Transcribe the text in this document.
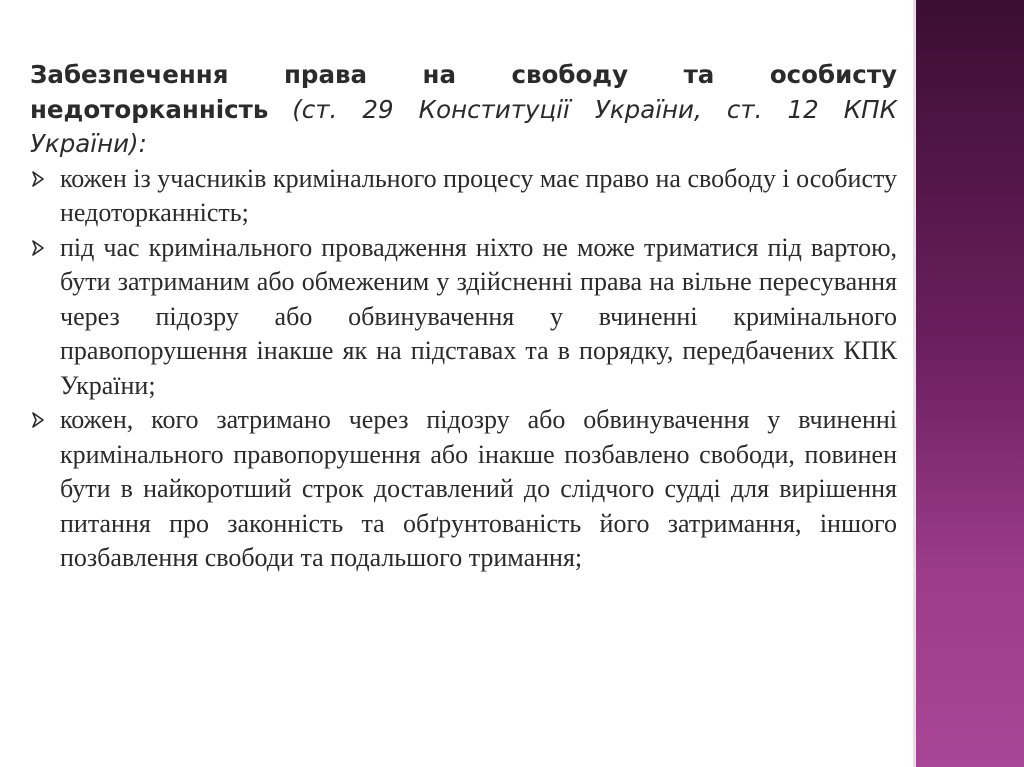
Забезпечення права на свободу та особисту недоторканність (ст. 29 Конституції України, ст. 12 КПК України):

кожен із учасників кримінального процесу має право на свободу і особисту недоторканність;
під час кримінального провадження ніхто не може триматися під вартою, бути затриманим або обмеженим у здійсненні права на вільне пересування через підозру або обвинувачення у вчиненні кримінального правопорушення інакше як на підставах та в порядку, передбачених КПК України;
кожен, кого затримано через підозру або обвинувачення у вчиненні кримінального правопорушення або інакше позбавлено свободи, повинен бути в найкоротший строк доставлений до слідчого судді для вирішення питання про законність та обґрунтованість його затримання, іншого позбавлення свободи та подальшого тримання;
